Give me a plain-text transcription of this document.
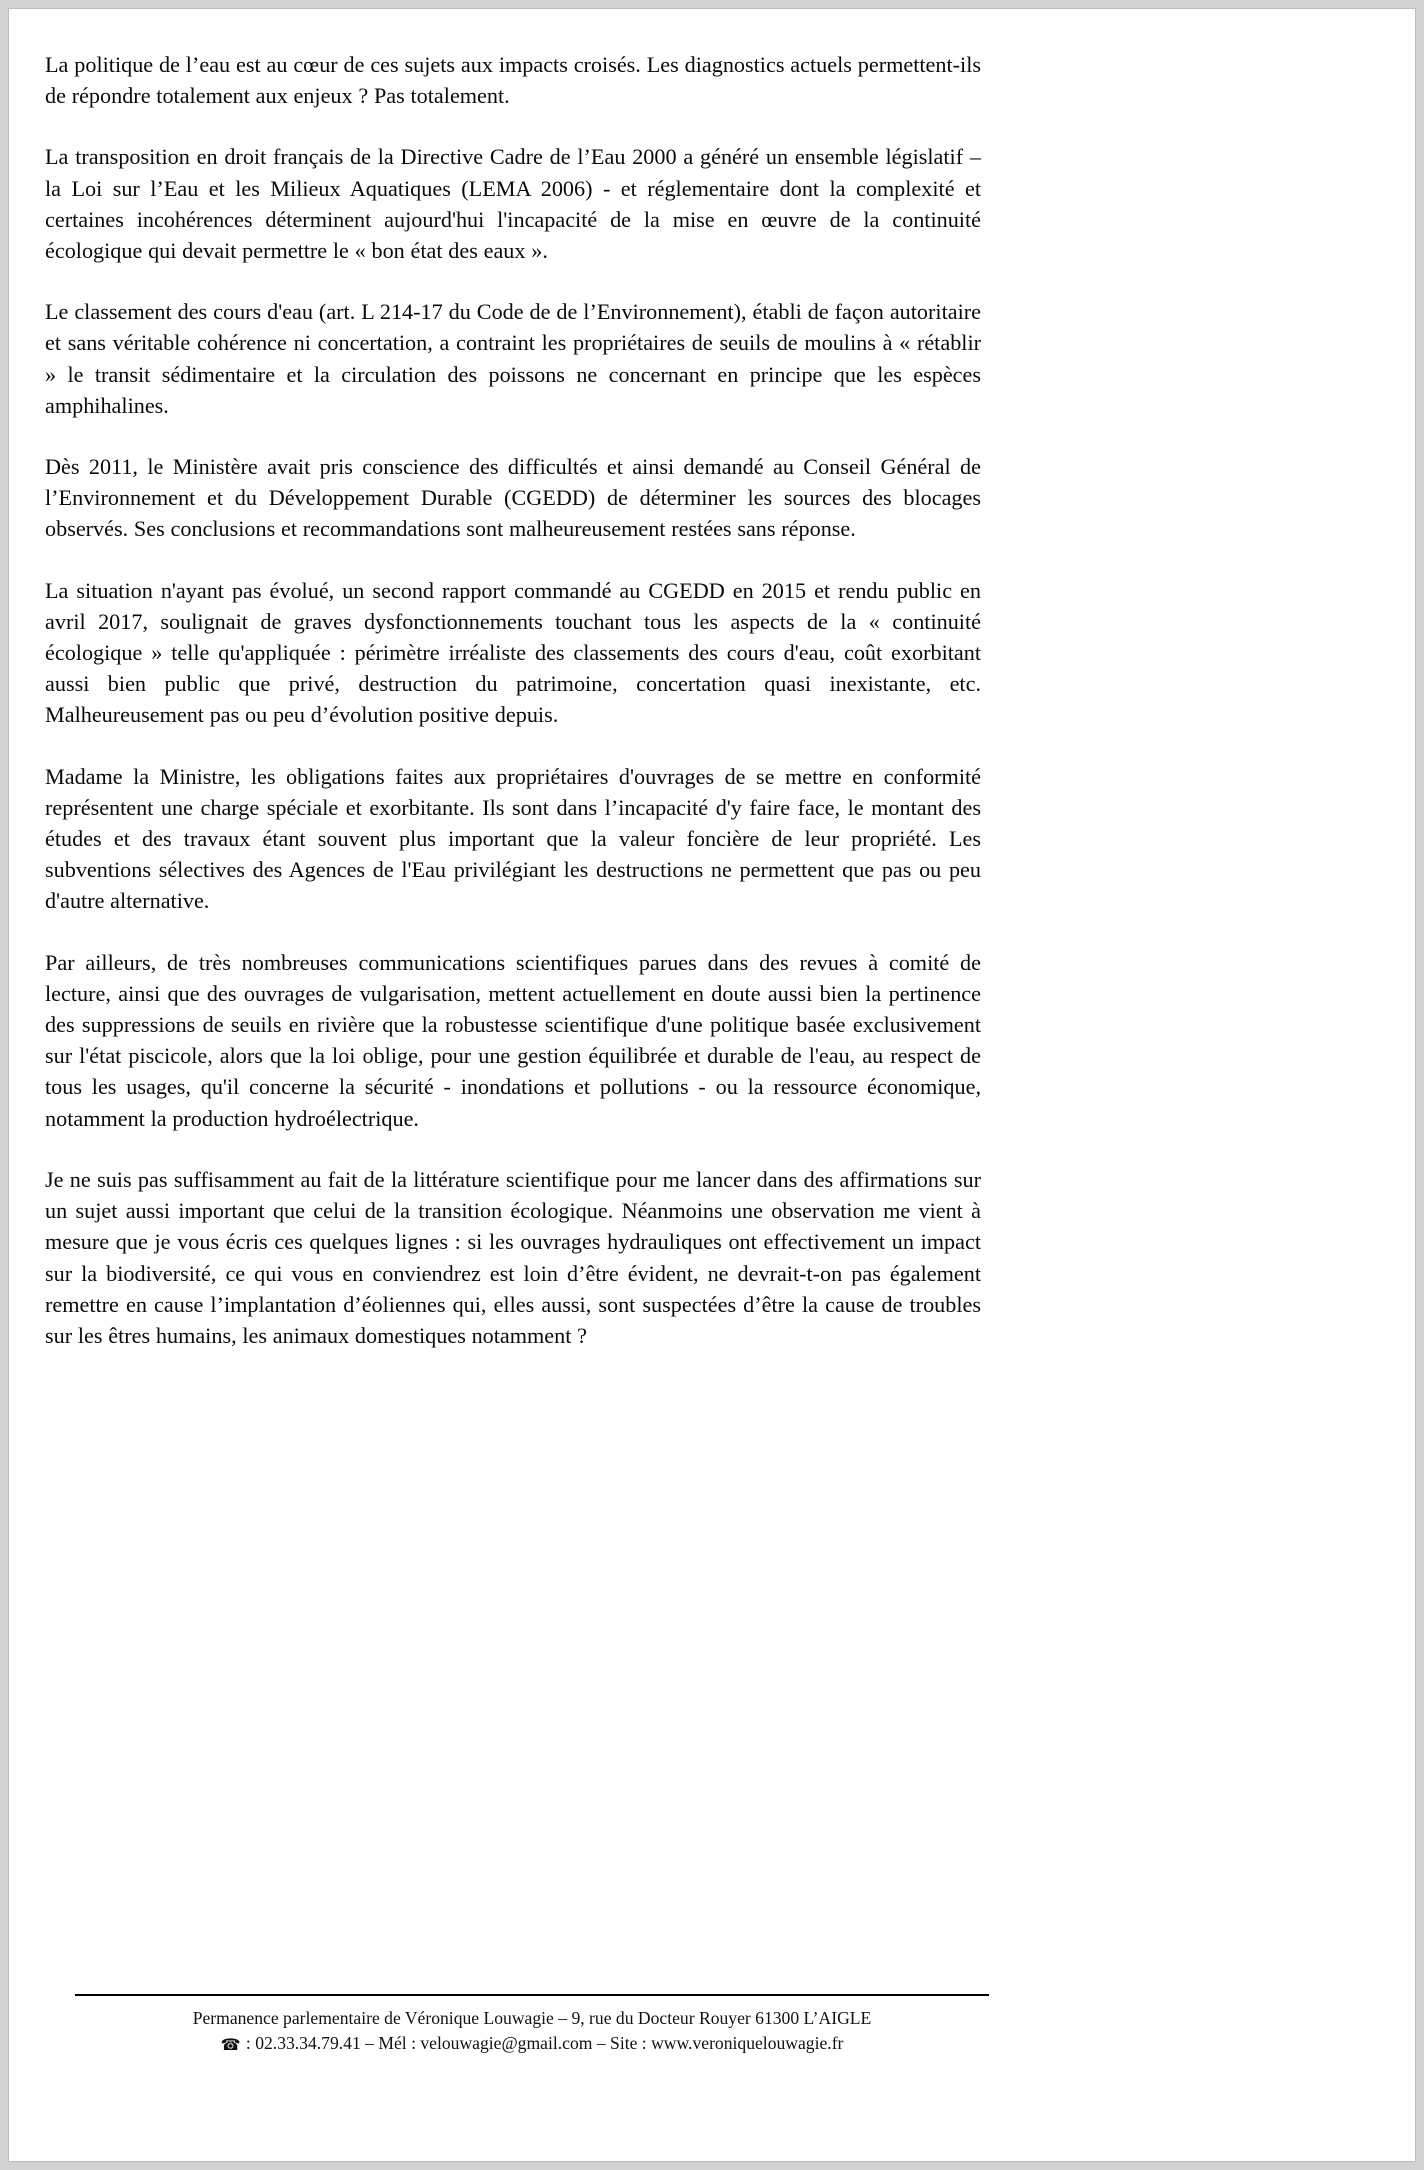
La politique de l’eau est au cœur de ces sujets aux impacts croisés. Les diagnostics actuels permettent-ils de répondre totalement aux enjeux ? Pas totalement.

La transposition en droit français de la Directive Cadre de l’Eau 2000 a généré un ensemble législatif – la Loi sur l’Eau et les Milieux Aquatiques (LEMA 2006) - et réglementaire dont la complexité et certaines incohérences déterminent aujourd'hui l'incapacité de la mise en œuvre de la continuité écologique qui devait permettre le « bon état des eaux ».

Le classement des cours d'eau (art. L 214-17 du Code de de l’Environnement), établi de façon autoritaire et sans véritable cohérence ni concertation, a contraint les propriétaires de seuils de moulins à « rétablir » le transit sédimentaire et la circulation des poissons ne concernant en principe que les espèces amphihalines.

Dès 2011, le Ministère avait pris conscience des difficultés et ainsi demandé au Conseil Général de l’Environnement et du Développement Durable (CGEDD) de déterminer les sources des blocages observés. Ses conclusions et recommandations sont malheureusement restées sans réponse.

La situation n'ayant pas évolué, un second rapport commandé au CGEDD en 2015 et rendu public en avril 2017, soulignait de graves dysfonctionnements touchant tous les aspects de la « continuité écologique » telle qu'appliquée : périmètre irréaliste des classements des cours d'eau, coût exorbitant aussi bien public que privé, destruction du patrimoine, concertation quasi inexistante, etc. Malheureusement pas ou peu d’évolution positive depuis.

Madame la Ministre, les obligations faites aux propriétaires d'ouvrages de se mettre en conformité représentent une charge spéciale et exorbitante. Ils sont dans l’incapacité d'y faire face, le montant des études et des travaux étant souvent plus important que la valeur foncière de leur propriété. Les subventions sélectives des Agences de l'Eau privilégiant les destructions ne permettent que pas ou peu d'autre alternative.

Par ailleurs, de très nombreuses communications scientifiques parues dans des revues à comité de lecture, ainsi que des ouvrages de vulgarisation, mettent actuellement en doute aussi bien la pertinence des suppressions de seuils en rivière que la robustesse scientifique d'une politique basée exclusivement sur l'état piscicole, alors que la loi oblige, pour une gestion équilibrée et durable de l'eau, au respect de tous les usages, qu'il concerne la sécurité - inondations et pollutions - ou la ressource économique, notamment la production hydroélectrique.

Je ne suis pas suffisamment au fait de la littérature scientifique pour me lancer dans des affirmations sur un sujet aussi important que celui de la transition écologique. Néanmoins une observation me vient à mesure que je vous écris ces quelques lignes : si les ouvrages hydrauliques ont effectivement un impact sur la biodiversité, ce qui vous en conviendrez est loin d’être évident, ne devrait-t-on pas également remettre en cause l’implantation d’éoliennes qui, elles aussi, sont suspectées d’être la cause de troubles sur les êtres humains, les animaux domestiques notamment ?

Permanence parlementaire de Véronique Louwagie – 9, rue du Docteur Rouyer 61300 L’AIGLE
☎ : 02.33.34.79.41 – Mél : velouwagie@gmail.com – Site : www.veroniquelouwagie.fr
